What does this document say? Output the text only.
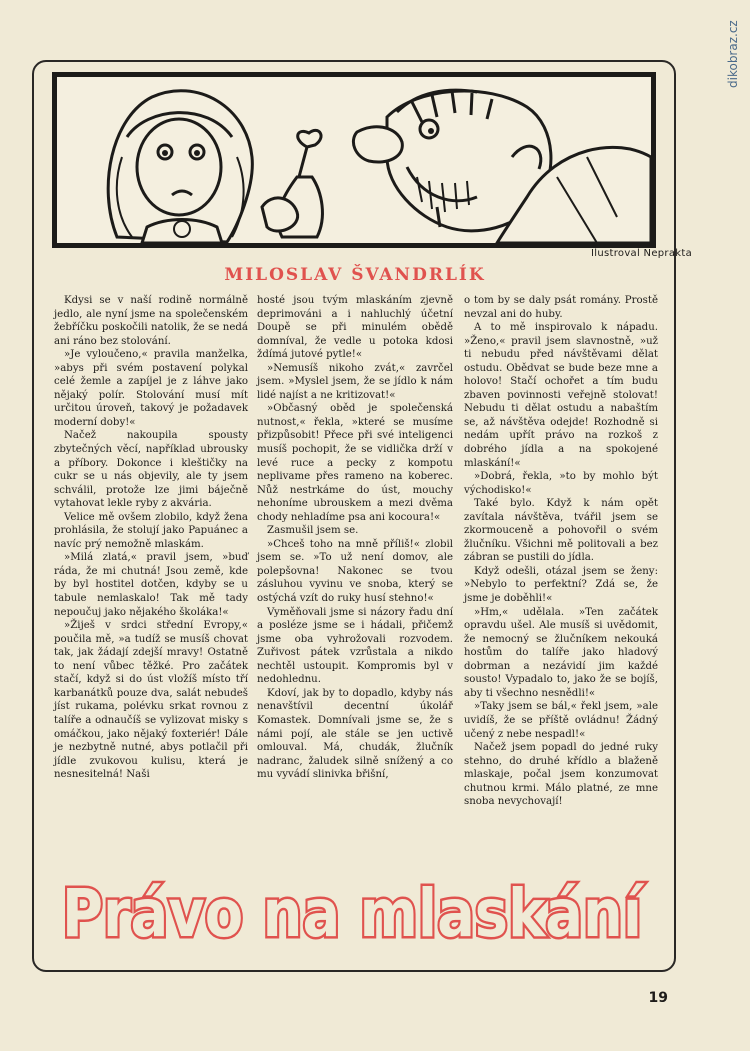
dikobraz.cz
Ilustroval Neprakta
MILOSLAV ŠVANDRLÍK

Kdysi se v naší rodině normálně jedlo, ale nyní jsme na společenském žebříčku poskočili natolik, že se nedá ani ráno bez stolování.

»Je vyloučeno,« pravila manželka, »abys při svém postavení polykal celé žemle a zapíjel je z láhve jako nějaký polír. Stolování musí mít určitou úroveň, takový je požadavek moderní doby!«

Načež nakoupila spousty zbytečných věcí, například ubrousky a příbory. Dokonce i kleštičky na cukr se u nás objevily, ale ty jsem schválil, protože lze jimi báječně vytahovat lekle ryby z akvária.

Velice mě ovšem zlobilo, když žena prohlásila, že stolují jako Papuánec a navíc prý nemožně mlaskám.

»Milá zlatá,« pravil jsem, »buď ráda, že mi chutná! Jsou země, kde by byl hostitel dotčen, kdyby se u tabule nemlaskalo! Tak mě tady nepoučuj jako nějakého školáka!«

»Žiješ v srdci střední Evropy,« poučila mě, »a tudíž se musíš chovat tak, jak žádají zdejší mravy! Ostatně to není vůbec těžké. Pro začátek stačí, když si do úst vložíš místo tří karbanátků pouze dva, salát nebudeš jíst rukama, polévku srkat rovnou z talíře a odnaučíš se vylizovat misky s omáčkou, jako nějaký foxteriér! Dále je nezbytně nutné, abys potlačil při jídle zvukovou kulisu, která je nesnesitelná! Naši

hosté jsou tvým mlaskáním zjevně deprimováni a i nahluchlý účetní Doupě se při minulém obědě domníval, že vedle u potoka kdosi ždímá jutové pytle!«

»Nemusíš nikoho zvát,« zavrčel jsem. »Myslel jsem, že se jídlo k nám lidé najíst a ne kritizovat!«

»Občasný oběd je společenská nutnost,« řekla, »které se musíme přizpůsobit! Přece při své inteligenci musíš pochopit, že se vidlička drží v levé ruce a pecky z kompotu neplivame přes rameno na koberec. Nůž nestrkáme do úst, mouchy nehoníme ubrouskem a mezi dvěma chody nehladíme psa ani kocoura!«

Zasmušil jsem se.

»Chceš toho na mně příliš!« zlobil jsem se. »To už není domov, ale polepšovna! Nakonec se tvou zásluhou vyvinu ve snoba, který se ostýchá vzít do ruky husí stehno!«

Vyměňovali jsme si názory řadu dní a posléze jsme se i hádali, přičemž jsme oba vyhrožovali rozvodem. Zuřivost pátek vzrůstala a nikdo nechtěl ustoupit. Kompromis byl v nedohlednu.

Kdoví, jak by to dopadlo, kdyby nás nenavštívil decentní úkolář Komastek. Domnívali jsme se, že s námi pojí, ale stále se jen uctivě omlouval. Má, chudák, žlučník nadranc, žaludek silně snížený a co mu vyvádí slinivka břišní,

o tom by se daly psát romány. Prostě nevzal ani do huby.

A to mě inspirovalo k nápadu. »Ženo,« pravil jsem slavnostně, »už ti nebudu před návštěvami dělat ostudu. Obědvat se bude beze mne a holovo! Stačí ochořet a tím budu zbaven povinnosti veřejně stolovat! Nebudu ti dělat ostudu a nabaštím se, až návštěva odejde! Rozhodně si nedám upřít právo na rozkoš z dobrého jídla a na spokojené mlaskání!«

»Dobrá, řekla, »to by mohlo být východisko!«

Také bylo. Když k nám opět zavítala návštěva, tvářil jsem se zkormouceně a pohovořil o svém žlučníku. Všichni mě politovali a bez zábran se pustili do jídla.

Když odešli, otázal jsem se ženy: »Nebylo to perfektní? Zdá se, že jsme je doběhli!«

»Hm,« udělala. »Ten začátek opravdu ušel. Ale musíš si uvědomit, že nemocný se žlučníkem nekouká hostům do talíře jako hladový dobrman a nezávidí jim každé sousto! Vypadalo to, jako že se bojíš, aby ti všechno nesnědli!«

»Taky jsem se bál,« řekl jsem, »ale uvidíš, že se příště ovládnu! Žádný učený z nebe nespadl!«

Načež jsem popadl do jedné ruky stehno, do druhé křídlo a blaženě mlaskaje, počal jsem konzumovat chutnou krmi. Málo platné, ze mne snoba nevychovají!

Právo na mlaskání
19
